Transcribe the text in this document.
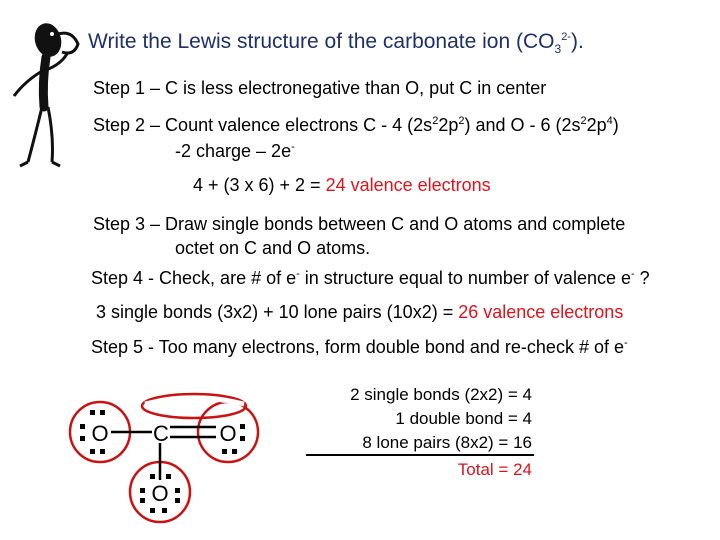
Write the Lewis structure of the carbonate ion $(CO_3^{2-})$.
Step 1 – C is less electronegative than O, put C in center
Step 2 – Count valence electrons C - 4 $(2s^22p^2)$ and O - 6 $(2s^22p^4)$
-2 charge – 2e-
4 + (3 x 6) + 2 = 24 valence electrons
Step 3 – Draw single bonds between C and O atoms and complete
octet on C and O atoms.
Step 4 - Check, are # of e- in structure equal to number of valence e- ?
3 single bonds (3x2) + 10 lone pairs (10x2) = 26 valence electrons
Step 5 - Too many electrons, form double bond and re-check # of e-
O C O
O
2 single bonds (2x2) = 4
1 double bond = 4
8 lone pairs (8x2) = 16
Total = 24
